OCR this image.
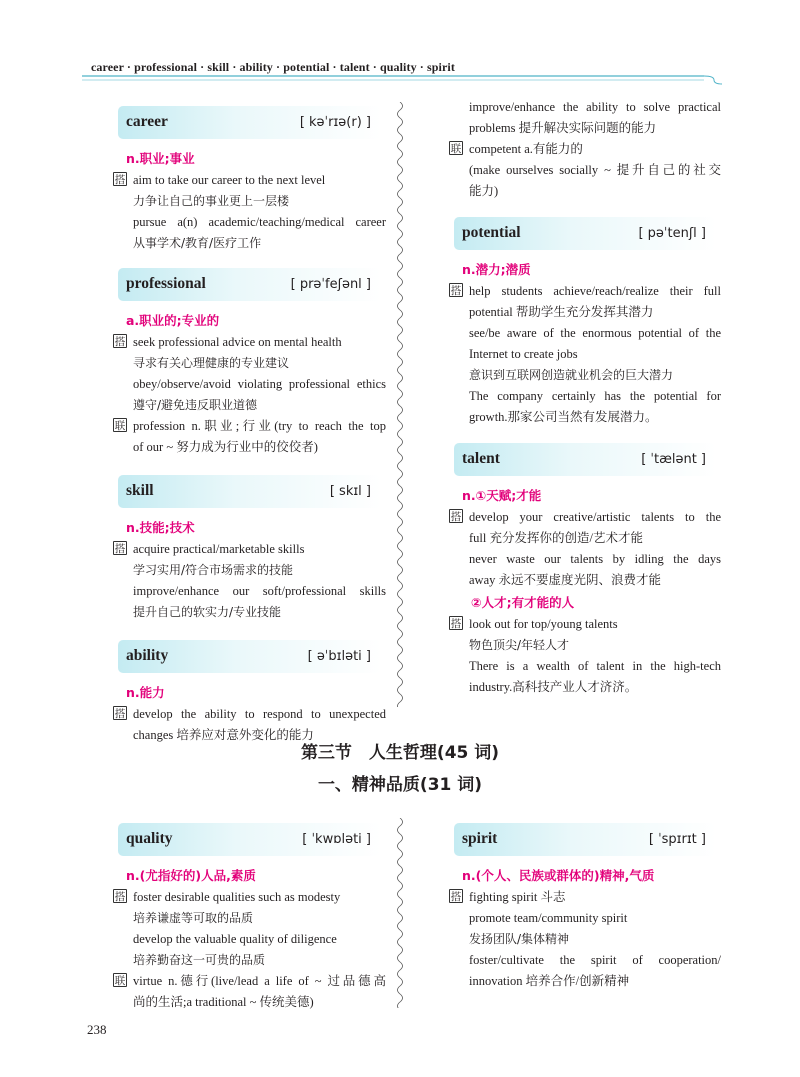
career · professional · skill · ability · potential · talent · quality · spirit
career	[ kəˈrɪə(r) ]
n.职业;事业
搭 aim to take our career to the next level
力争让自己的事业更上一层楼
pursue a(n) academic/teaching/medical career
从事学术/教育/医疗工作
professional	[ prəˈfeʃənl ]
a.职业的;专业的
搭 seek professional advice on mental health
寻求有关心理健康的专业建议
obey/observe/avoid violating professional ethics
遵守/避免违反职业道德
联 profession n.职业;行业(try to reach the top
of our ~ 努力成为行业中的佼佼者)
skill	[ skɪl ]
n.技能;技术
搭 acquire practical/marketable skills
学习实用/符合市场需求的技能
improve/enhance our soft/professional skills
提升自己的软实力/专业技能
ability	[ əˈbɪləti ]
n.能力
搭 develop the ability to respond to unexpected
changes 培养应对意外变化的能力
improve/enhance the ability to solve practical
problems 提升解决实际问题的能力
联 competent a.有能力的
(make ourselves socially ~ 提升自己的社交
能力)
potential	[ pəˈtenʃl ]
n.潜力;潜质
搭 help students achieve/reach/realize their full
potential 帮助学生充分发挥其潜力
see/be aware of the enormous potential of the
Internet to create jobs
意识到互联网创造就业机会的巨大潜力
The company certainly has the potential for
growth.那家公司当然有发展潜力。
talent	[ ˈtælənt ]
n.①天赋;才能
搭 develop your creative/artistic talents to the
full 充分发挥你的创造/艺术才能
never waste our talents by idling the days
away 永远不要虚度光阴、浪费才能
②人才;有才能的人
搭 look out for top/young talents
物色顶尖/年轻人才
There is a wealth of talent in the high-tech
industry.高科技产业人才济济。
第三节　人生哲理(45 词)
一、精神品质(31 词)
quality	[ ˈkwɒləti ]
n.(尤指好的)人品,素质
搭 foster desirable qualities such as modesty
培养谦虚等可取的品质
develop the valuable quality of diligence
培养勤奋这一可贵的品质
联 virtue n.德行(live/lead a life of ~ 过品德高
尚的生活;a traditional ~ 传统美德)
spirit	[ ˈspɪrɪt ]
n.(个人、民族或群体的)精神,气质
搭 fighting spirit 斗志
promote team/community spirit
发扬团队/集体精神
foster/cultivate the spirit of cooperation/
innovation 培养合作/创新精神
238
